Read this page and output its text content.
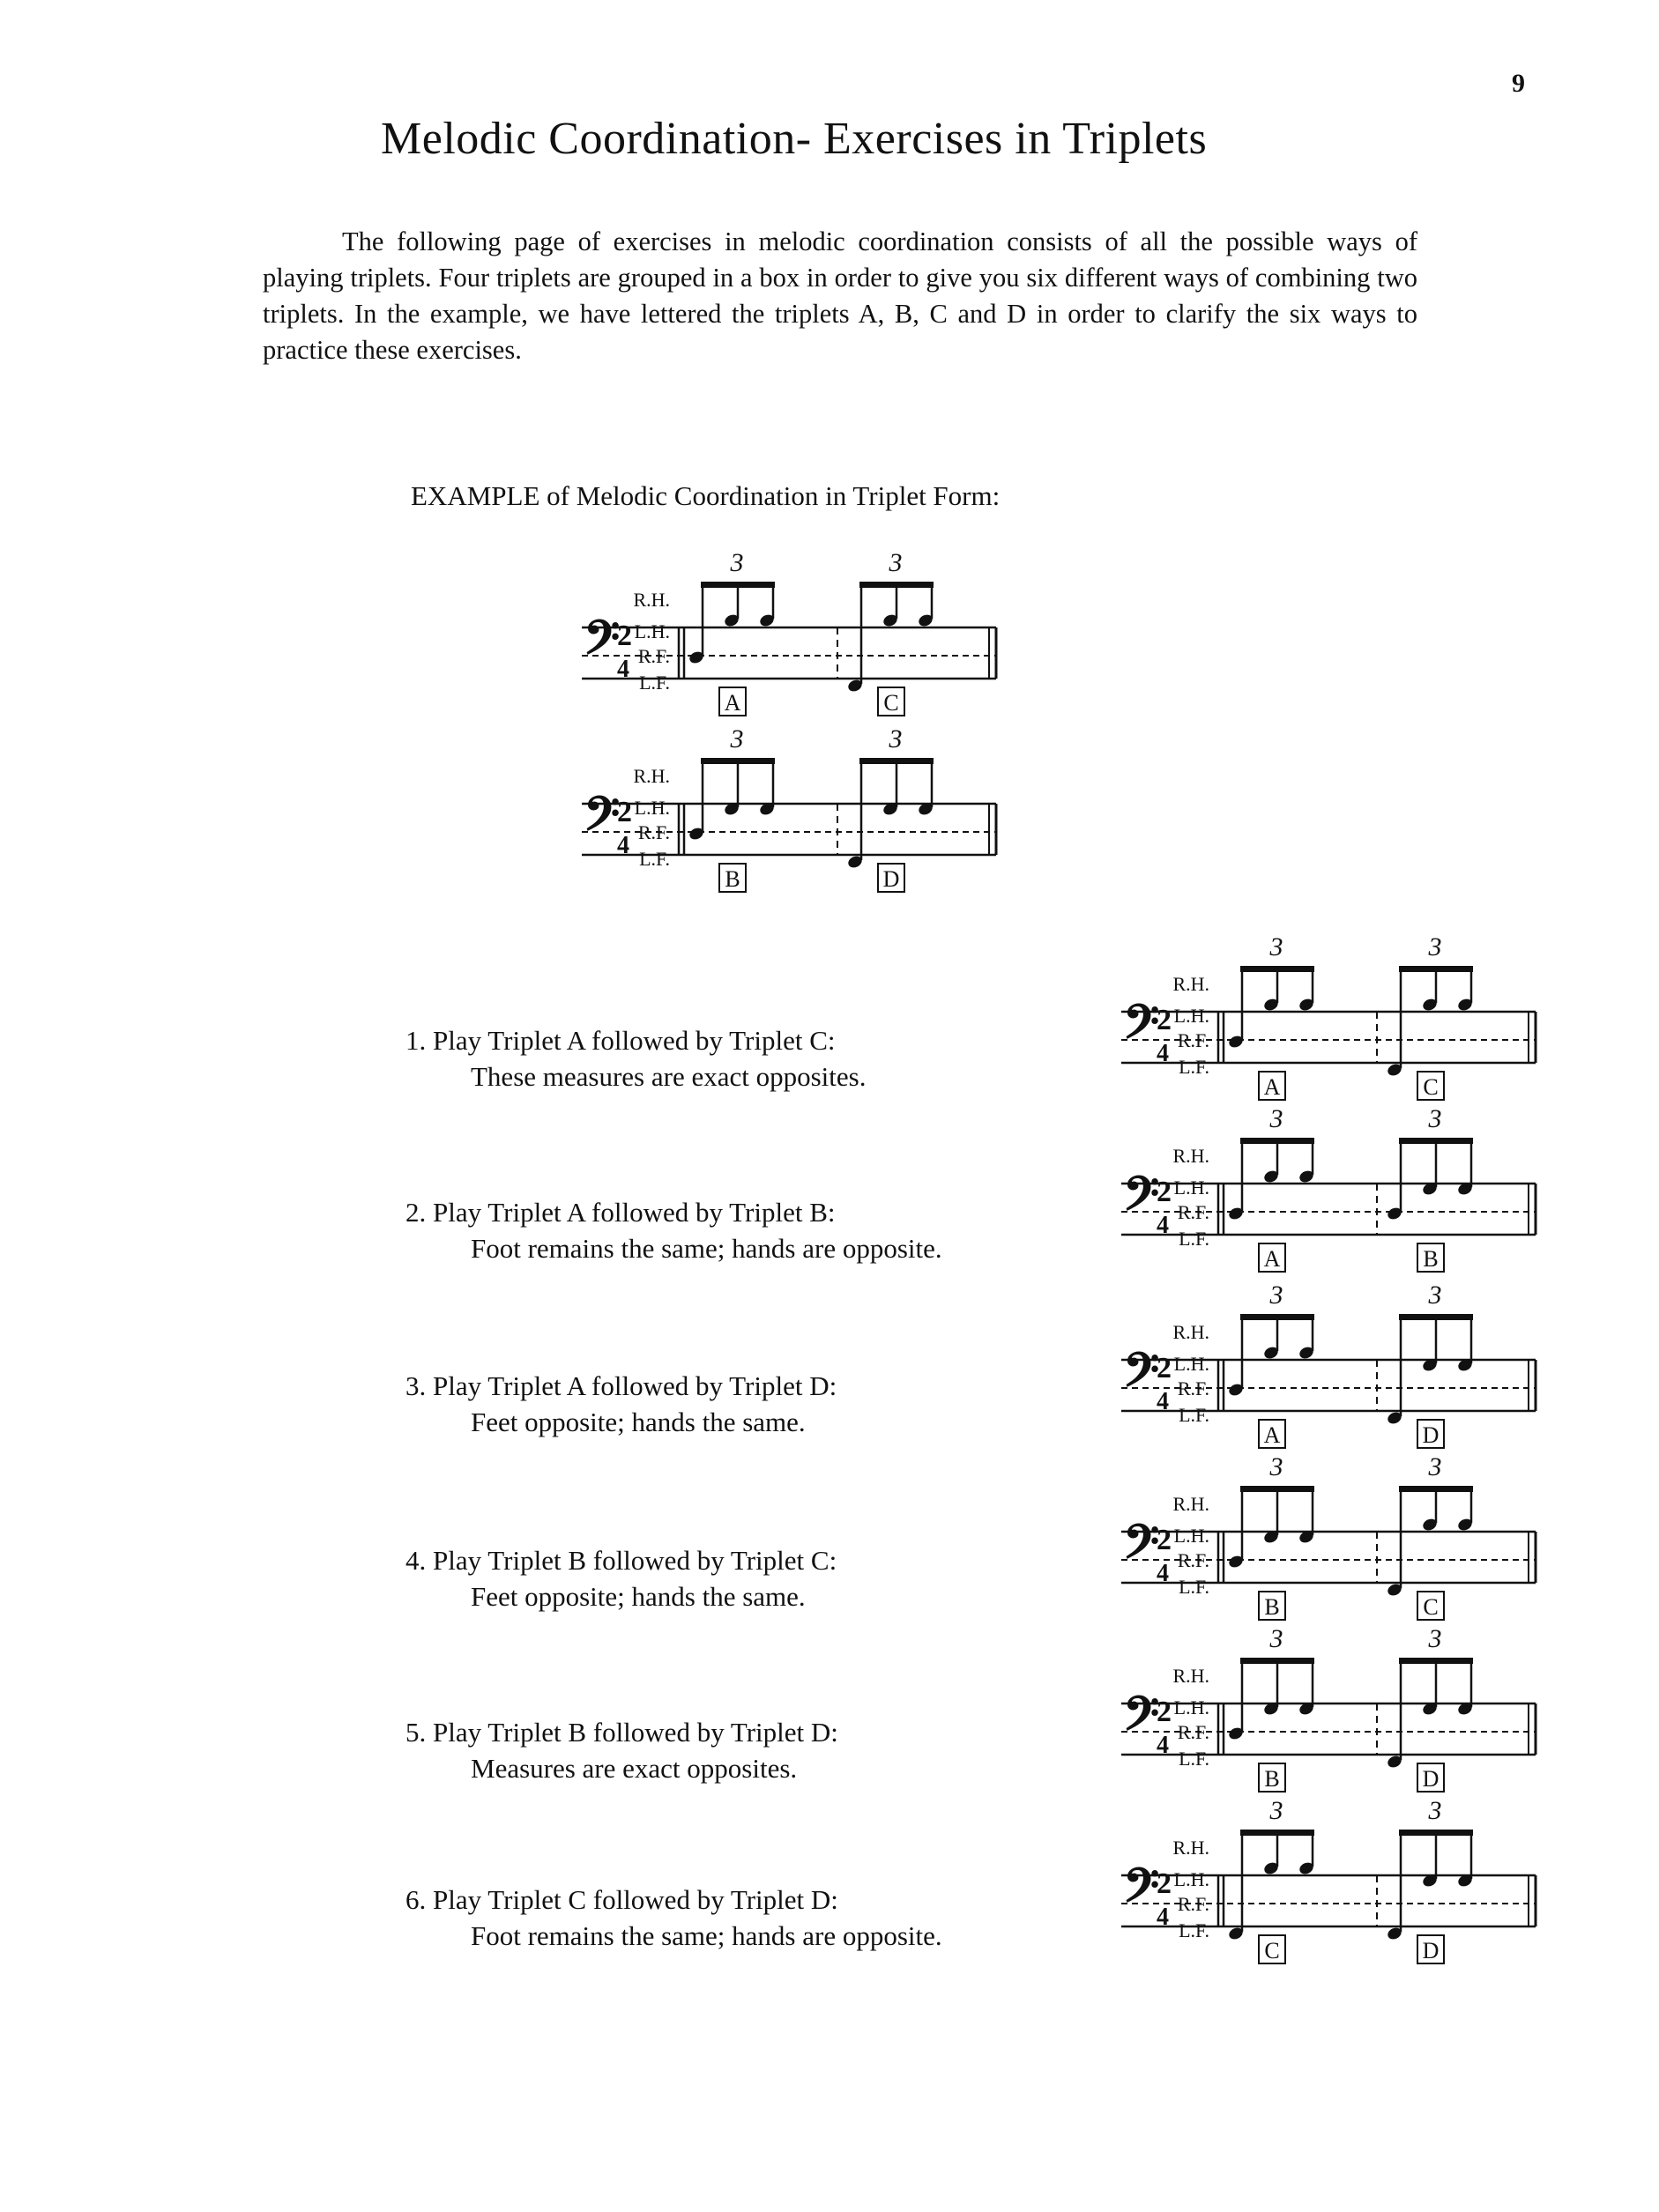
9
Melodic Coordination- Exercises in Triplets

The following page of exercises in melodic coordination consists of all the possible ways of playing triplets. Four triplets are grouped in a box in order to give you six different ways of combining two triplets. In the example, we have lettered the triplets A, B, C and D in order to clarify the six ways to practice these exercises.

EXAMPLE of Melodic Coordination in Triplet Form:
R.H.
L.H.
R.F.
L.F.
𝄢
2
4
3
A
3
C
R.H.
L.H.
R.F.
L.F.
𝄢
2
4
3
B
3
D
1. Play Triplet A followed by Triplet C:
These measures are exact opposites.
R.H.
L.H.
R.F.
L.F.
𝄢
2
4
3
A
3
C
2. Play Triplet A followed by Triplet B:
Foot remains the same; hands are opposite.
R.H.
L.H.
R.F.
L.F.
𝄢
2
4
3
A
3
B
3. Play Triplet A followed by Triplet D:
Feet opposite; hands the same.
R.H.
L.H.
R.F.
L.F.
𝄢
2
4
3
A
3
D
4. Play Triplet B followed by Triplet C:
Feet opposite; hands the same.
R.H.
L.H.
R.F.
L.F.
𝄢
2
4
3
B
3
C
5. Play Triplet B followed by Triplet D:
Measures are exact opposites.
R.H.
L.H.
R.F.
L.F.
𝄢
2
4
3
B
3
D
6. Play Triplet C followed by Triplet D:
Foot remains the same; hands are opposite.
R.H.
L.H.
R.F.
L.F.
𝄢
2
4
3
C
3
D
